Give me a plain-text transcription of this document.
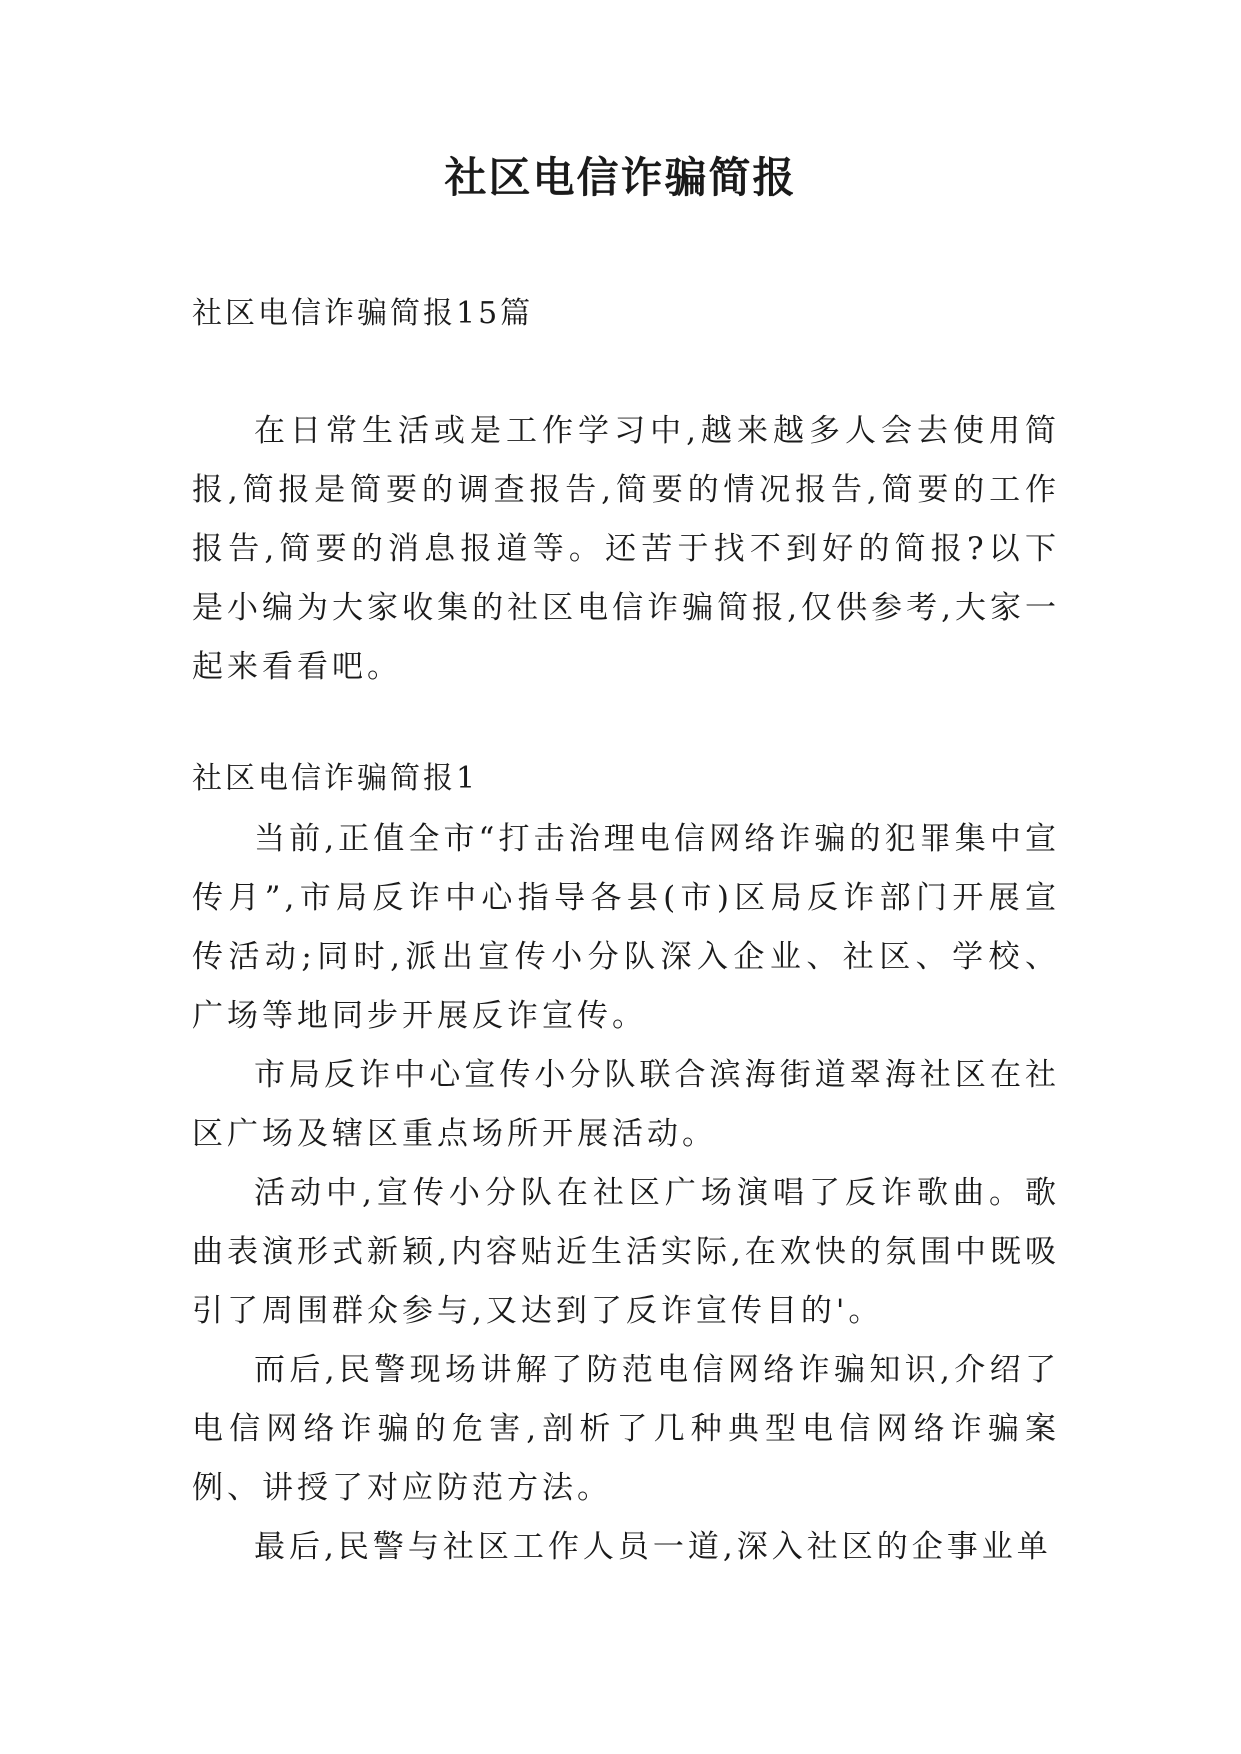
社区电信诈骗简报

社区电信诈骗简报15篇

在日常生活或是工作学习中,越来越多人会去使用简报,简报是简要的调查报告,简要的情况报告,简要的工作报告,简要的消息报道等。还苦于找不到好的简报?以下是小编为大家收集的社区电信诈骗简报,仅供参考,大家一起来看看吧。

社区电信诈骗简报1

当前,正值全市“打击治理电信网络诈骗的犯罪集中宣传月”,市局反诈中心指导各县(市)区局反诈部门开展宣传活动;同时,派出宣传小分队深入企业、社区、学校、广场等地同步开展反诈宣传。

市局反诈中心宣传小分队联合滨海街道翠海社区在社区广场及辖区重点场所开展活动。

活动中,宣传小分队在社区广场演唱了反诈歌曲。歌曲表演形式新颖,内容贴近生活实际,在欢快的氛围中既吸引了周围群众参与,又达到了反诈宣传目的'。

而后,民警现场讲解了防范电信网络诈骗知识,介绍了电信网络诈骗的危害,剖析了几种典型电信网络诈骗案例、讲授了对应防范方法。

最后,民警与社区工作人员一道,深入社区的企事业单
